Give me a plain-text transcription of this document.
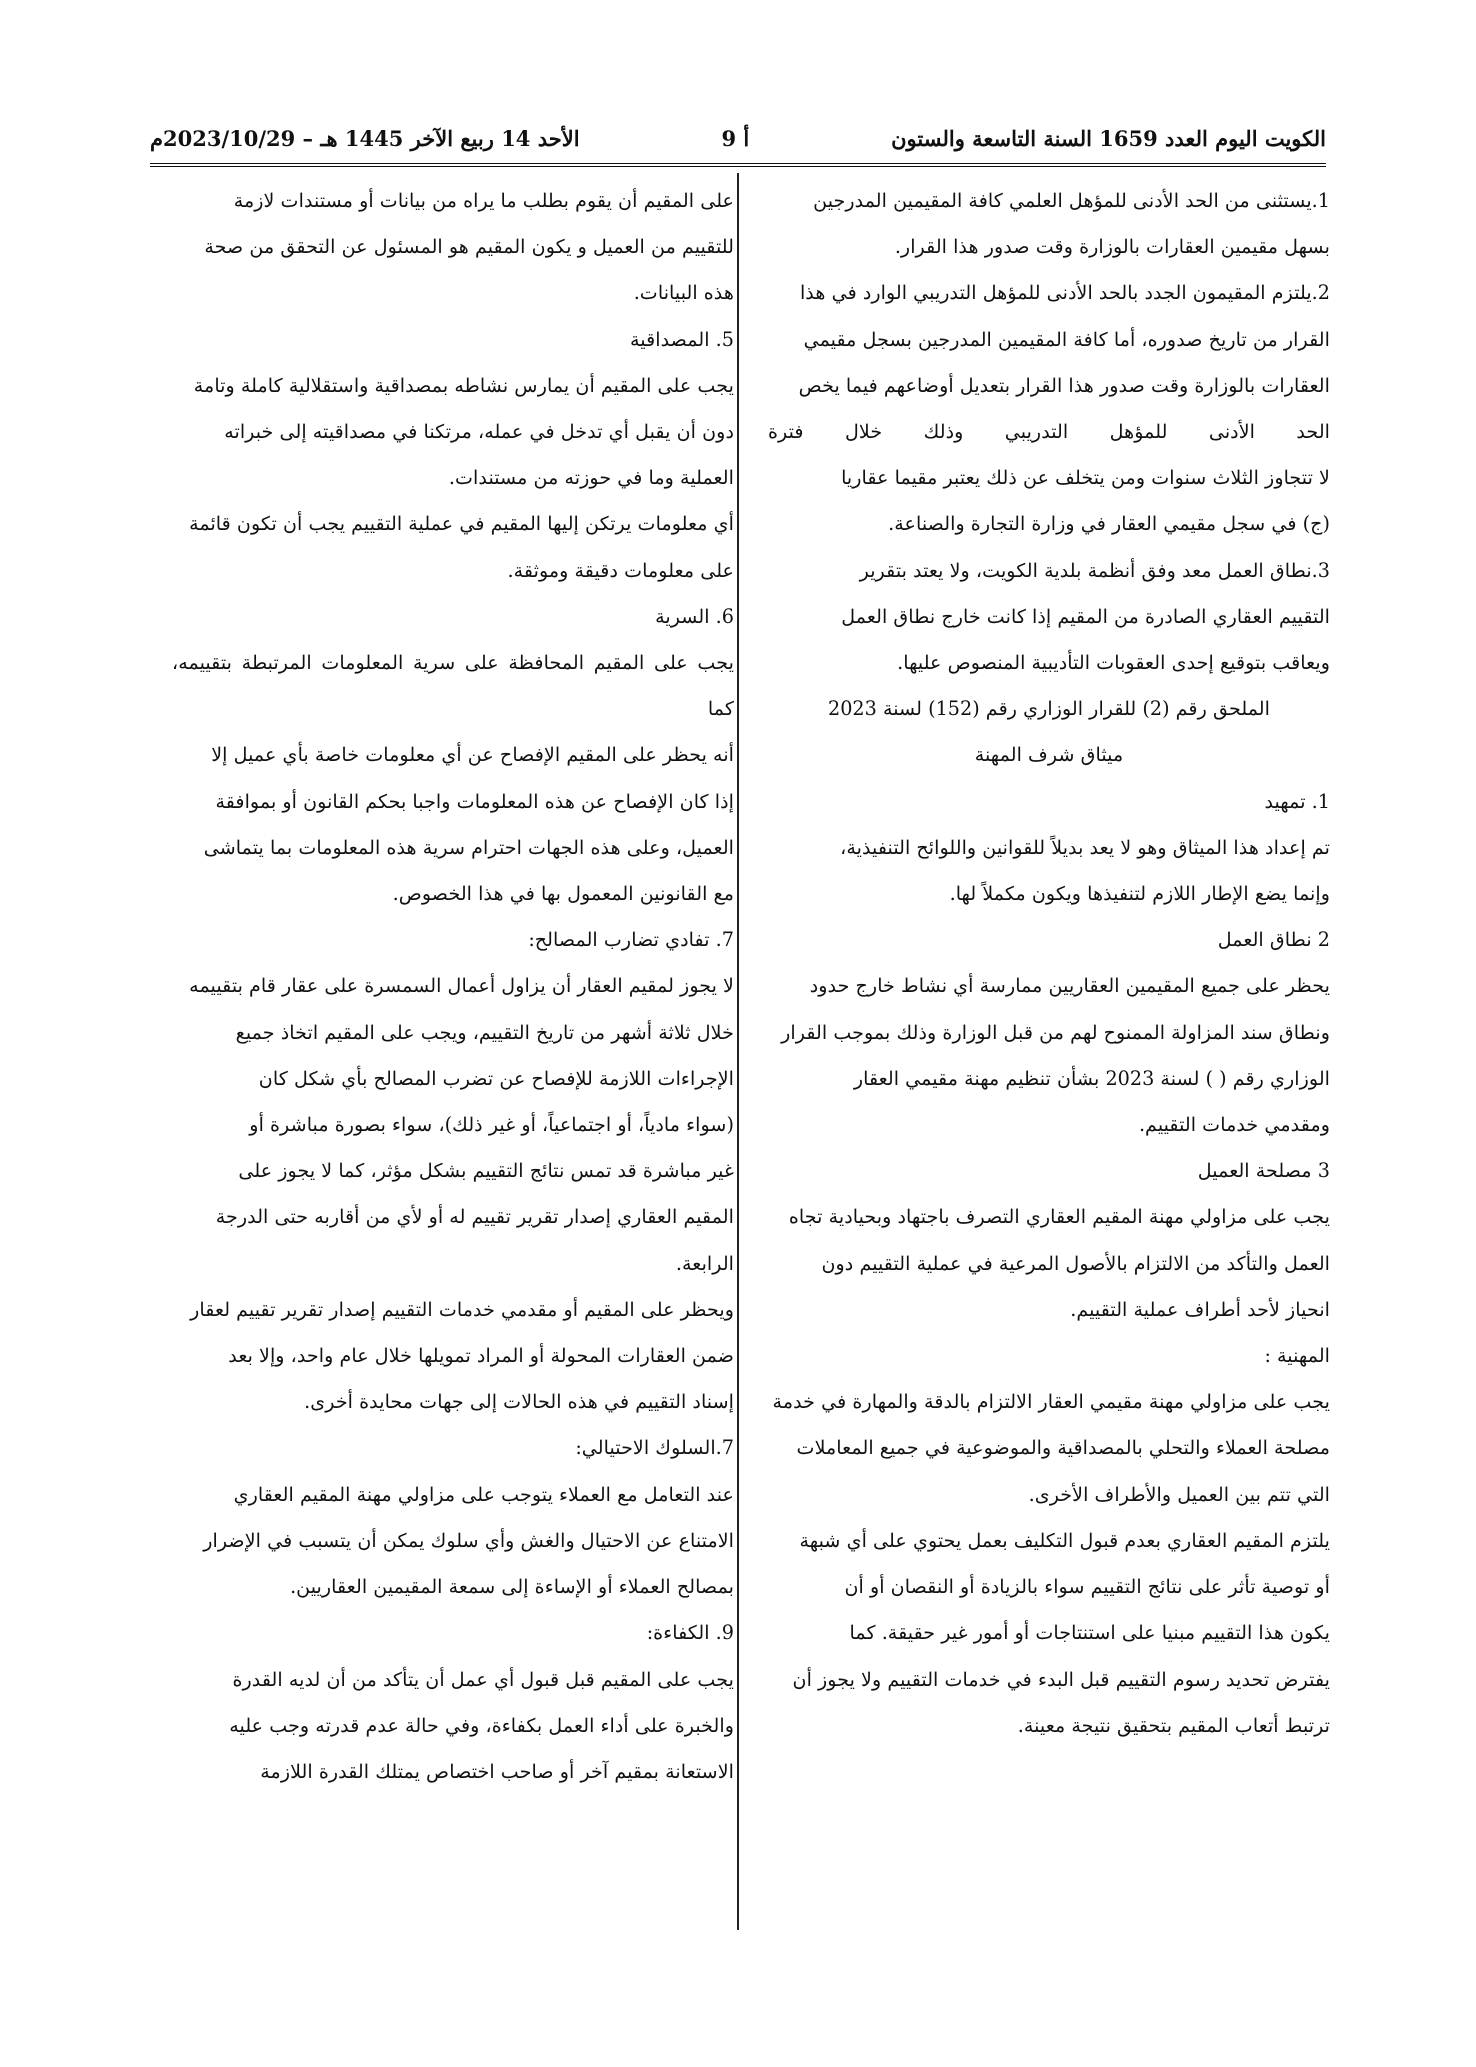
الكويت اليوم العدد 1659 السنة التاسعة والستون
أ 9
الأحد 14 ربيع الآخر 1445 هـ – 2023/10/29م

1.يستثنى من الحد الأدنى للمؤهل العلمي كافة المقيمين المدرجين

بسهل مقيمين العقارات بالوزارة وقت صدور هذا القرار.

2.يلتزم المقيمون الجدد بالحد الأدنى للمؤهل التدريبي الوارد في هذا

القرار من تاريخ صدوره، أما كافة المقيمين المدرجين بسجل مقيمي

العقارات بالوزارة وقت صدور هذا القرار بتعديل أوضاعهم فيما يخص

الحد الأدنى للمؤهل التدريبي وذلك خلال فترة

لا تتجاوز الثلاث سنوات ومن يتخلف عن ذلك يعتبر مقيما عقاريا

(ج) في سجل مقيمي العقار في وزارة التجارة والصناعة.

3.نطاق العمل معد وفق أنظمة بلدية الكويت، ولا يعتد بتقرير

التقييم العقاري الصادرة من المقيم إذا كانت خارج نطاق العمل

ويعاقب بتوقيع إحدى العقوبات التأديبية المنصوص عليها.

الملحق رقم (2) للقرار الوزاري رقم (152) لسنة 2023

ميثاق شرف المهنة

1. تمهيد

تم إعداد هذا الميثاق وهو لا يعد بديلاً للقوانين واللوائح التنفيذية،

وإنما يضع الإطار اللازم لتنفيذها ويكون مكملاً لها.

2 نطاق العمل

يحظر على جميع المقيمين العقاريين ممارسة أي نشاط خارج حدود

ونطاق سند المزاولة الممنوح لهم من قبل الوزارة وذلك بموجب القرار

الوزاري رقم ( ) لسنة 2023 بشأن تنظيم مهنة مقيمي العقار

ومقدمي خدمات التقييم.

3 مصلحة العميل

يجب على مزاولي مهنة المقيم العقاري التصرف باجتهاد وبحيادية تجاه

العمل والتأكد من الالتزام بالأصول المرعية في عملية التقييم دون

انحياز لأحد أطراف عملية التقييم.

المهنية :

يجب على مزاولي مهنة مقيمي العقار الالتزام بالدقة والمهارة في خدمة

مصلحة العملاء والتحلي بالمصداقية والموضوعية في جميع المعاملات

التي تتم بين العميل والأطراف الأخرى.

يلتزم المقيم العقاري بعدم قبول التكليف بعمل يحتوي على أي شبهة

أو توصية تأثر على نتائج التقييم سواء بالزيادة أو النقصان أو أن

يكون هذا التقييم مبنيا على استنتاجات أو أمور غير حقيقة. كما

يفترض تحديد رسوم التقييم قبل البدء في خدمات التقييم ولا يجوز أن

ترتبط أتعاب المقيم بتحقيق نتيجة معينة.

على المقيم أن يقوم بطلب ما يراه من بيانات أو مستندات لازمة

للتقييم من العميل و يكون المقيم هو المسئول عن التحقق من صحة

هذه البيانات.

5. المصداقية

يجب على المقيم أن يمارس نشاطه بمصداقية واستقلالية كاملة وتامة

دون أن يقبل أي تدخل في عمله، مرتكنا في مصداقيته إلى خبراته

العملية وما في حوزته من مستندات.

أي معلومات يرتكن إليها المقيم في عملية التقييم يجب أن تكون قائمة

على معلومات دقيقة وموثقة.

6. السرية

يجب على المقيم المحافظة على سرية المعلومات المرتبطة بتقييمه، كما

أنه يحظر على المقيم الإفصاح عن أي معلومات خاصة بأي عميل إلا

إذا كان الإفصاح عن هذه المعلومات واجبا بحكم القانون أو بموافقة

العميل، وعلى هذه الجهات احترام سرية هذه المعلومات بما يتماشى

مع القانونين المعمول بها في هذا الخصوص.

7. تفادي تضارب المصالح:

لا يجوز لمقيم العقار أن يزاول أعمال السمسرة على عقار قام بتقييمه

خلال ثلاثة أشهر من تاريخ التقييم، ويجب على المقيم اتخاذ جميع

الإجراءات اللازمة للإفصاح عن تضرب المصالح بأي شكل كان

(سواء مادياً، أو اجتماعياً، أو غير ذلك)، سواء بصورة مباشرة أو

غير مباشرة قد تمس نتائج التقييم بشكل مؤثر، كما لا يجوز على

المقيم العقاري إصدار تقرير تقييم له أو لأي من أقاربه حتى الدرجة

الرابعة.

ويحظر على المقيم أو مقدمي خدمات التقييم إصدار تقرير تقييم لعقار

ضمن العقارات المحولة أو المراد تمويلها خلال عام واحد، وإلا بعد

إسناد التقييم في هذه الحالات إلى جهات محايدة أخرى.

7.السلوك الاحتيالي:

عند التعامل مع العملاء يتوجب على مزاولي مهنة المقيم العقاري

الامتناع عن الاحتيال والغش وأي سلوك يمكن أن يتسبب في الإضرار

بمصالح العملاء أو الإساءة إلى سمعة المقيمين العقاريين.

9. الكفاءة:

يجب على المقيم قبل قبول أي عمل أن يتأكد من أن لديه القدرة

والخبرة على أداء العمل بكفاءة، وفي حالة عدم قدرته وجب عليه

الاستعانة بمقيم آخر أو صاحب اختصاص يمتلك القدرة اللازمة
